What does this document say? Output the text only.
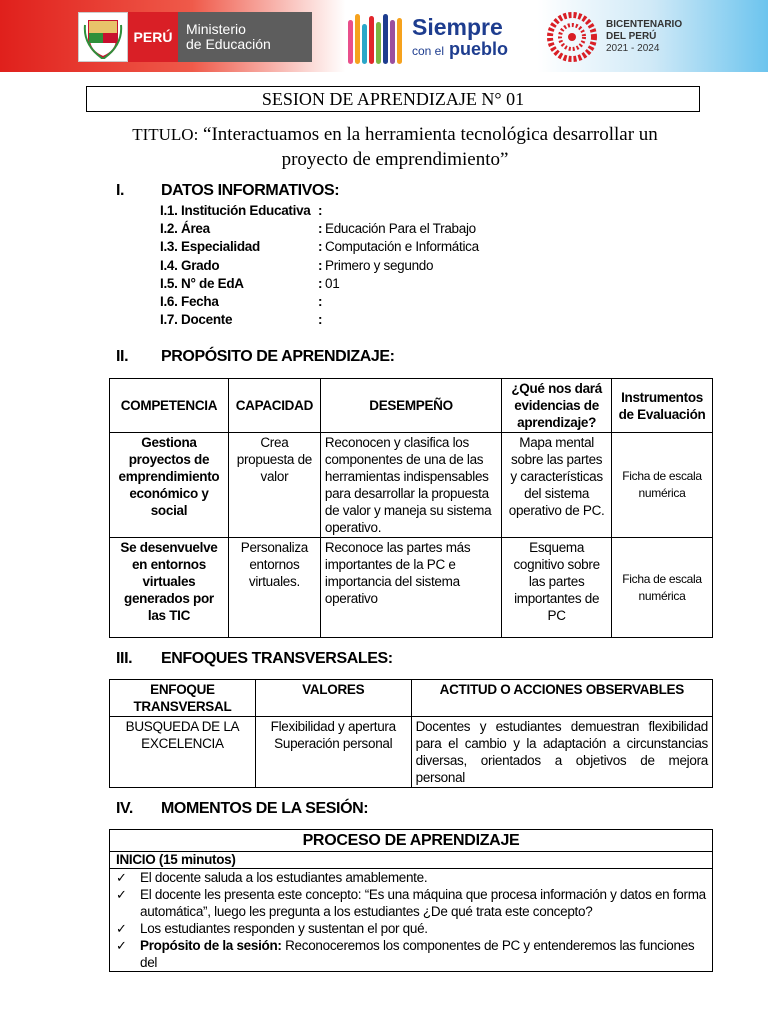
PERÚ Ministerio
de Educación
Siempre
con el pueblo
BICENTENARIO
DEL PERÚ
2021 - 2024
SESION DE APRENDIZAJE N° 01
TITULO: “Interactuamos en la herramienta tecnológica desarrollar un proyecto de emprendimiento”
I. DATOS INFORMATIVOS:
I.1. Institución Educativa :
I.2. Área	: Educación Para el Trabajo
I.3. Especialidad	: Computación e Informática
I.4. Grado	: Primero y segundo
I.5. N° de EdA	: 01
I.6. Fecha	:
I.7. Docente	:
II. PROPÓSITO DE APRENDIZAJE:
COMPETENCIA	CAPACIDAD	DESEMPEÑO	¿Qué nos dará evidencias de aprendizaje?	Instrumentos de Evaluación
Gestiona proyectos de emprendimiento económico y social	Crea propuesta de valor	Reconocen y clasifica los componentes de una de las herramientas indispensables para desarrollar la propuesta de valor y maneja su sistema operativo.	Mapa mental sobre las partes y características del sistema operativo de PC.	Ficha de escala numérica
Se desenvuelve en entornos virtuales generados por las TIC	Personaliza entornos virtuales.	Reconoce las partes más importantes de la PC e importancia del sistema operativo	Esquema cognitivo sobre las partes importantes de PC	Ficha de escala numérica
III. ENFOQUES TRANSVERSALES:
ENFOQUE TRANSVERSAL	VALORES	ACTITUD O ACCIONES OBSERVABLES
BUSQUEDA DE LA EXCELENCIA	Flexibilidad y apertura Superación personal	Docentes y estudiantes demuestran flexibilidad para el cambio y la adaptación a circunstancias diversas, orientados a objetivos de mejora personal
IV. MOMENTOS DE LA SESIÓN:
PROCESO DE APRENDIZAJE
INICIO (15 minutos)

✓ El docente saluda a los estudiantes amablemente.
✓ El docente les presenta este concepto: “Es una máquina que procesa información y datos en forma automática”, luego les pregunta a los estudiantes ¿De qué trata este concepto?
✓ Los estudiantes responden y sustentan el por qué.
✓ Propósito de la sesión: Reconoceremos los componentes de PC y entenderemos las funciones del
